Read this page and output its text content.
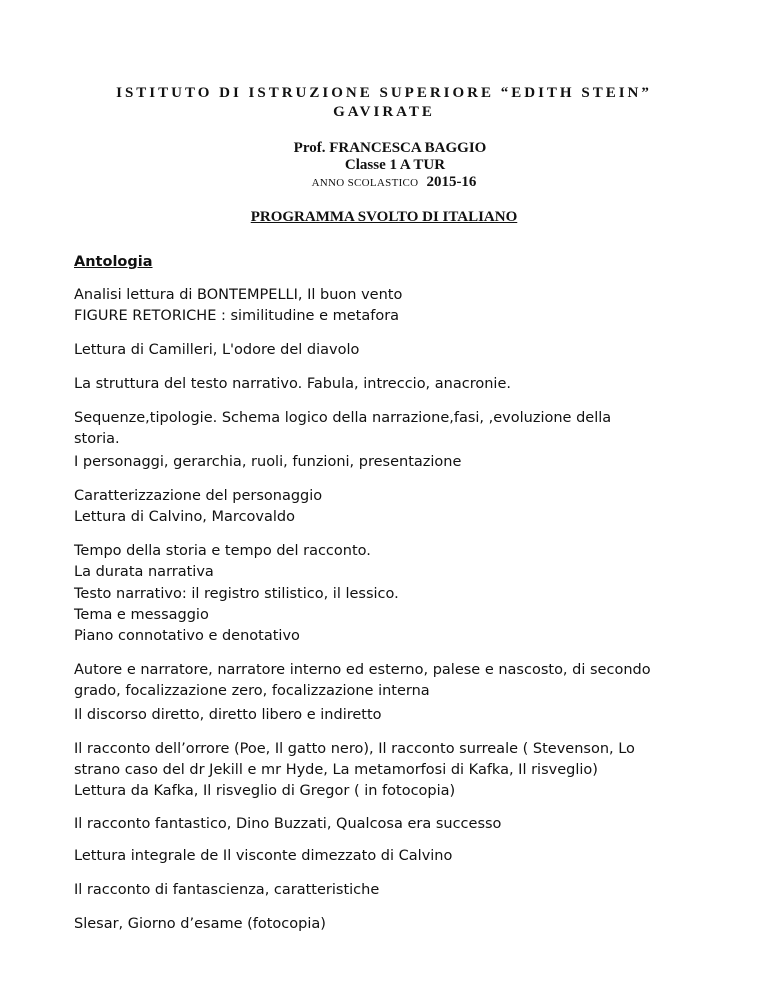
ISTITUTO DI ISTRUZIONE SUPERIORE “EDITH STEIN”
GAVIRATE
Prof. FRANCESCA BAGGIO
Classe 1 A TUR
ANNO SCOLASTICO 2015-16
PROGRAMMA SVOLTO DI ITALIANO
Antologia
Analisi lettura di BONTEMPELLI, Il buon vento
FIGURE RETORICHE : similitudine e metafora
Lettura di Camilleri, L'odore del diavolo
La struttura del testo narrativo. Fabula, intreccio, anacronie.
Sequenze,tipologie. Schema logico della narrazione,fasi, ,evoluzione della
storia.
I personaggi, gerarchia, ruoli, funzioni, presentazione
Caratterizzazione del personaggio
Lettura di Calvino, Marcovaldo
Tempo della storia e tempo del racconto.
La durata narrativa
Testo narrativo: il registro stilistico, il lessico.
Tema e messaggio
Piano connotativo e denotativo
Autore e narratore, narratore interno ed esterno, palese e nascosto, di secondo
grado, focalizzazione zero, focalizzazione interna
Il discorso diretto, diretto libero e indiretto
Il racconto dell’orrore (Poe, Il gatto nero), Il racconto surreale ( Stevenson, Lo
strano caso del dr Jekill e mr Hyde, La metamorfosi di Kafka, Il risveglio)
Lettura da Kafka, Il risveglio di Gregor ( in fotocopia)
Il racconto fantastico, Dino Buzzati, Qualcosa era successo
Lettura integrale de Il visconte dimezzato di Calvino
Il racconto di fantascienza, caratteristiche
Slesar, Giorno d’esame (fotocopia)
